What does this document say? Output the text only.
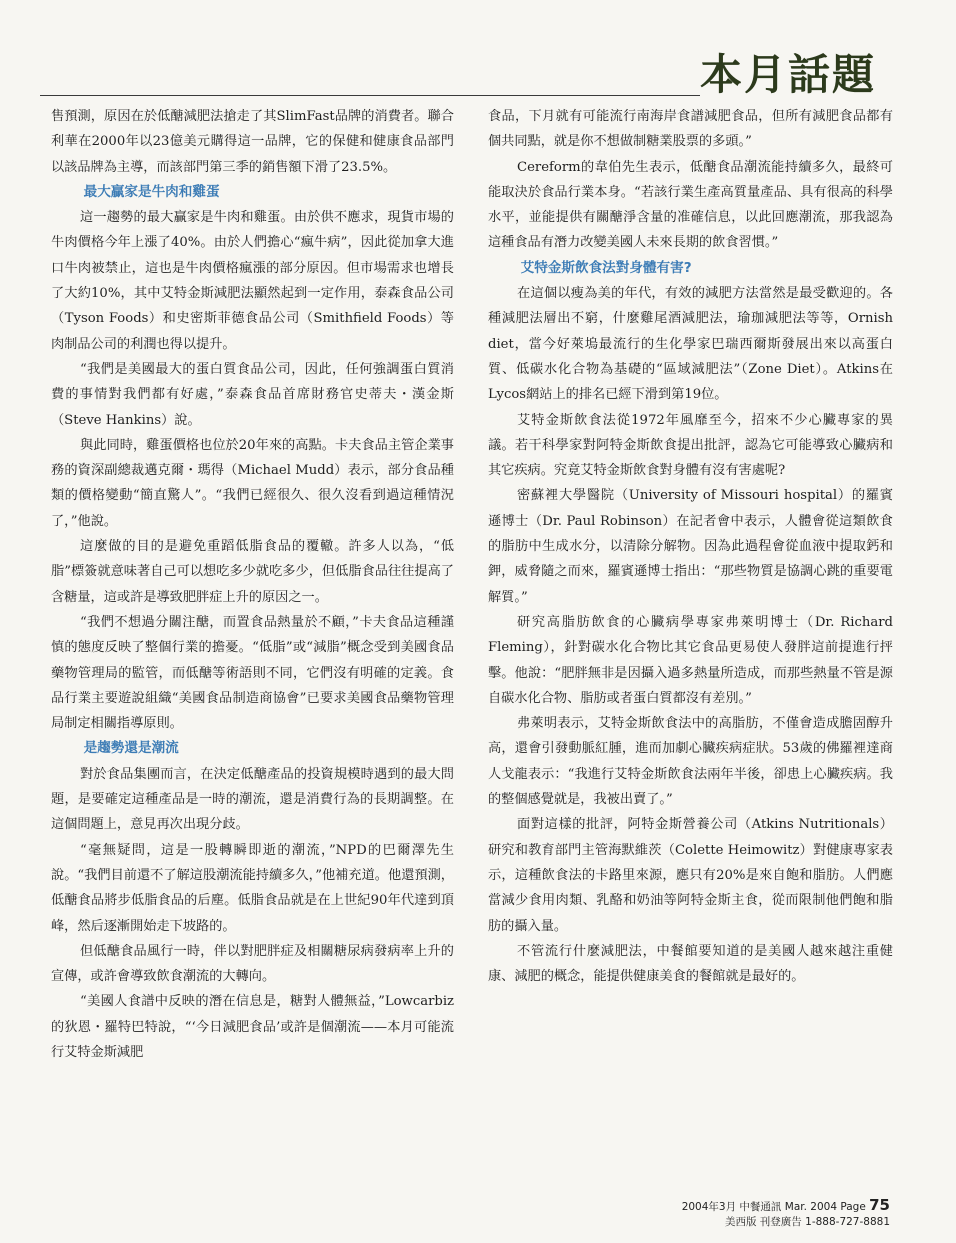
本月話題

售預測，原因在於低醣減肥法搶走了其SlimFast品牌的消費者。聯合利華在2000年以23億美元購得這一品牌，它的保健和健康食品部門以該品牌為主導，而該部門第三季的銷售額下滑了23.5%。

最大贏家是牛肉和雞蛋

這一趨勢的最大贏家是牛肉和雞蛋。由於供不應求，現貨市場的牛肉價格今年上漲了40%。由於人們擔心“瘋牛病”，因此從加拿大進口牛肉被禁止，這也是牛肉價格瘋漲的部分原因。但市場需求也增長了大約10%，其中艾特金斯減肥法顯然起到一定作用，泰森食品公司（Tyson Foods）和史密斯菲德食品公司（Smithfield Foods）等肉制品公司的利潤也得以提升。

“我們是美國最大的蛋白質食品公司，因此，任何強調蛋白質消費的事情對我們都有好處，”泰森食品首席財務官史蒂夫・漢金斯（Steve Hankins）說。

與此同時，雞蛋價格也位於20年來的高點。卡夫食品主管企業事務的資深副總裁邁克爾・瑪得（Michael Mudd）表示，部分食品種類的價格變動“簡直驚人”。“我們已經很久、很久沒看到過這種情況了，”他說。

這麼做的目的是避免重蹈低脂食品的覆轍。許多人以為，“低脂”標簽就意味著自己可以想吃多少就吃多少，但低脂食品往往提高了含糖量，這或許是導致肥胖症上升的原因之一。

“我們不想過分關注醣，而置食品熱量於不顧，”卡夫食品這種謹慎的態度反映了整個行業的擔憂。“低脂”或“減脂”概念受到美國食品藥物管理局的監管，而低醣等術語則不同，它們沒有明確的定義。食品行業主要遊說組織“美國食品制造商協會”已要求美國食品藥物管理局制定相關指導原則。

是趨勢還是潮流

對於食品集團而言，在決定低醣產品的投資規模時遇到的最大問題，是要確定這種產品是一時的潮流，還是消費行為的長期調整。在這個問題上，意見再次出現分歧。

“毫無疑問，這是一股轉瞬即逝的潮流，”NPD的巴爾澤先生說。“我們目前還不了解這股潮流能持續多久，”他補充道。他還預測，低醣食品將步低脂食品的后塵。低脂食品就是在上世紀90年代達到頂峰，然后逐漸開始走下坡路的。

但低醣食品風行一時，伴以對肥胖症及相關糖尿病發病率上升的宣傳，或許會導致飲食潮流的大轉向。

“美國人食譜中反映的潛在信息是，糖對人體無益，”Lowcarbiz的狄恩・羅特巴特說，“‘今日減肥食品’或許是個潮流——本月可能流行艾特金斯減肥

食品，下月就有可能流行南海岸食譜減肥食品，但所有減肥食品都有個共同點，就是你不想做制糖業股票的多頭。”

Cereform的韋伯先生表示，低醣食品潮流能持續多久，最終可能取決於食品行業本身。“若該行業生產高質量產品、具有很高的科學水平，並能提供有關醣淨含量的准確信息，以此回應潮流，那我認為這種食品有潛力改變美國人未來長期的飲食習慣。”

艾特金斯飲食法對身體有害?

在這個以瘦為美的年代，有效的減肥方法當然是最受歡迎的。各種減肥法層出不窮，什麼雞尾酒減肥法，瑜珈減肥法等等，Ornish diet，當今好萊塢最流行的生化學家巴瑞西爾斯發展出來以高蛋白質、低碳水化合物為基礎的“區域減肥法”（Zone Diet）。Atkins在Lycos網站上的排名已經下滑到第19位。

艾特金斯飲食法從1972年風靡至今，招來不少心臟專家的異議。若干科學家對阿特金斯飲食提出批評，認為它可能導致心臟病和其它疾病。究竟艾特金斯飲食對身體有沒有害處呢?

密蘇裡大學醫院（University of Missouri hospital）的羅賓遜博士（Dr. Paul Robinson）在記者會中表示，人體會從這類飲食的脂肪中生成水分，以清除分解物。因為此過程會從血液中提取鈣和鉀，威脅隨之而來，羅賓遜博士指出：“那些物質是協調心跳的重要電解質。”

研究高脂肪飲食的心臟病學專家弗萊明博士（Dr. Richard Fleming），針對碳水化合物比其它食品更易使人發胖這前提進行抨擊。他說：“肥胖無非是因攝入過多熱量所造成，而那些熱量不管是源自碳水化合物、脂肪或者蛋白質都沒有差別。”

弗萊明表示，艾特金斯飲食法中的高脂肪，不僅會造成膽固醇升高，還會引發動脈紅腫，進而加劇心臟疾病症狀。53歲的佛羅裡達商人戈龍表示：“我進行艾特金斯飲食法兩年半後，卻患上心臟疾病。我的整個感覺就是，我被出賣了。”

面對這樣的批評，阿特金斯營養公司（Atkins Nutritionals）研究和教育部門主管海默維茨（Colette Heimowitz）對健康專家表示，這種飲食法的卡路里來源，應只有20%是來自飽和脂肪。人們應當減少食用肉類、乳酪和奶油等阿特金斯主食，從而限制他們飽和脂肪的攝入量。

不管流行什麼減肥法，中餐館要知道的是美國人越來越注重健康、減肥的概念，能提供健康美食的餐館就是最好的。

2004年3月 中餐通訊 Mar. 2004 Page 75
美西版 刊登廣告 1-888-727-8881
